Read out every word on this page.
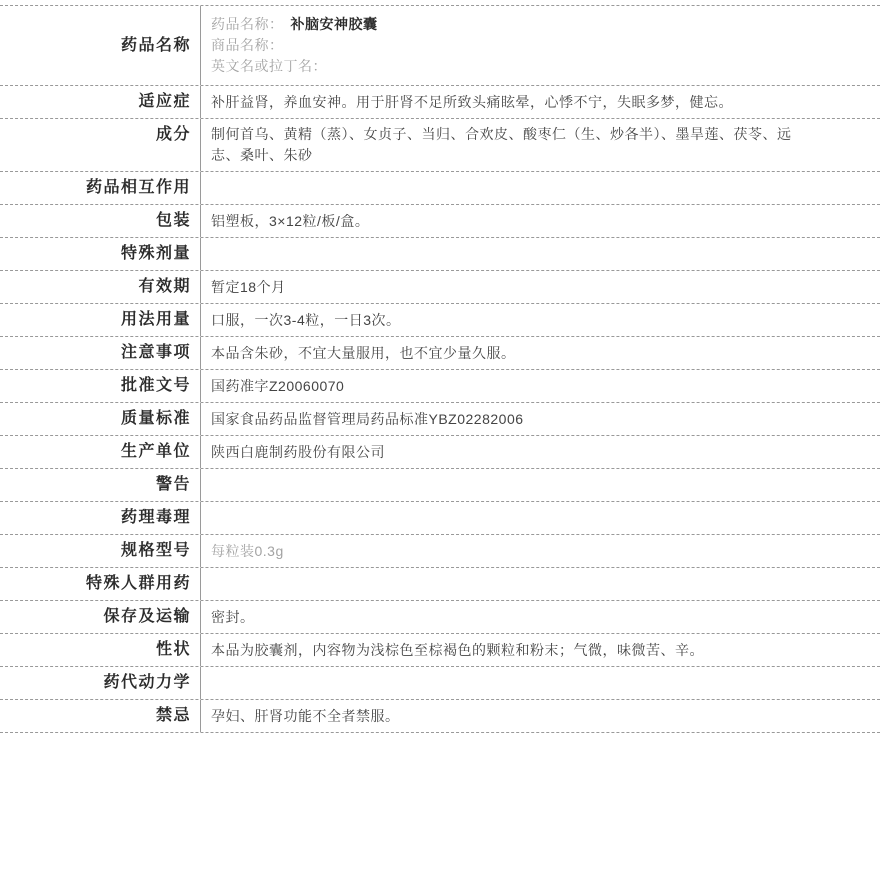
药品名称
药品名称： 补脑安神胶囊
商品名称：
英文名或拉丁名：
适应症	补肝益肾，养血安神。用于肝肾不足所致头痛眩晕，心悸不宁，失眠多梦，健忘。
成分	制何首乌、黄精（蒸）、女贞子、当归、合欢皮、酸枣仁（生、炒各半）、墨旱莲、茯苓、远志、桑叶、朱砂
药品相互作用
包装	铝塑板，3×12粒/板/盒。
特殊剂量
有效期	暂定18个月
用法用量	口服，一次3-4粒，一日3次。
注意事项	本品含朱砂，不宜大量服用，也不宜少量久服。
批准文号	国药准字Z20060070
质量标准	国家食品药品监督管理局药品标准YBZ02282006
生产单位	陕西白鹿制药股份有限公司
警告
药理毒理
规格型号	每粒装0.3g
特殊人群用药
保存及运输	密封。
性状	本品为胶囊剂，内容物为浅棕色至棕褐色的颗粒和粉末；气微，味微苦、辛。
药代动力学
禁忌	孕妇、肝肾功能不全者禁服。
